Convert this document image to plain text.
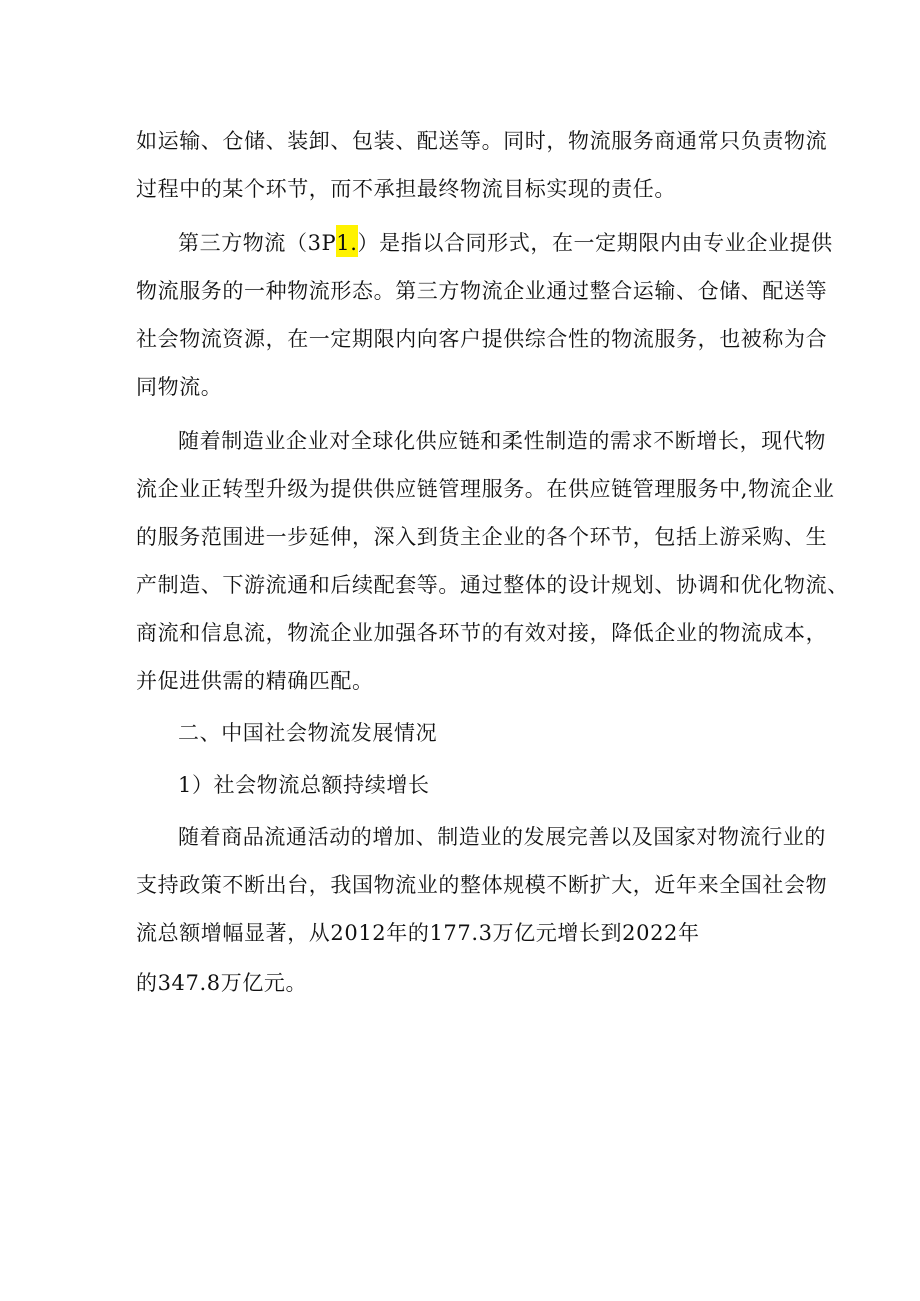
如运输、仓储、装卸、包装、配送等。同时，物流服务商通常只负责物流
过程中的某个环节，而不承担最终物流目标实现的责任。
第三方物流（3P1.）是指以合同形式，在一定期限内由专业企业提供
物流服务的一种物流形态。第三方物流企业通过整合运输、仓储、配送等
社会物流资源，在一定期限内向客户提供综合性的物流服务，也被称为合
同物流。
随着制造业企业对全球化供应链和柔性制造的需求不断增长，现代物
流企业正转型升级为提供供应链管理服务。在供应链管理服务中,物流企业
的服务范围进一步延伸，深入到货主企业的各个环节，包括上游采购、生
产制造、下游流通和后续配套等。通过整体的设计规划、协调和优化物流、
商流和信息流，物流企业加强各环节的有效对接，降低企业的物流成本，
并促进供需的精确匹配。
二、中国社会物流发展情况
1）社会物流总额持续增长
随着商品流通活动的增加、制造业的发展完善以及国家对物流行业的
支持政策不断出台，我国物流业的整体规模不断扩大，近年来全国社会物
流总额增幅显著，从2012年的177.3万亿元增长到2022年
的347.8万亿元。
